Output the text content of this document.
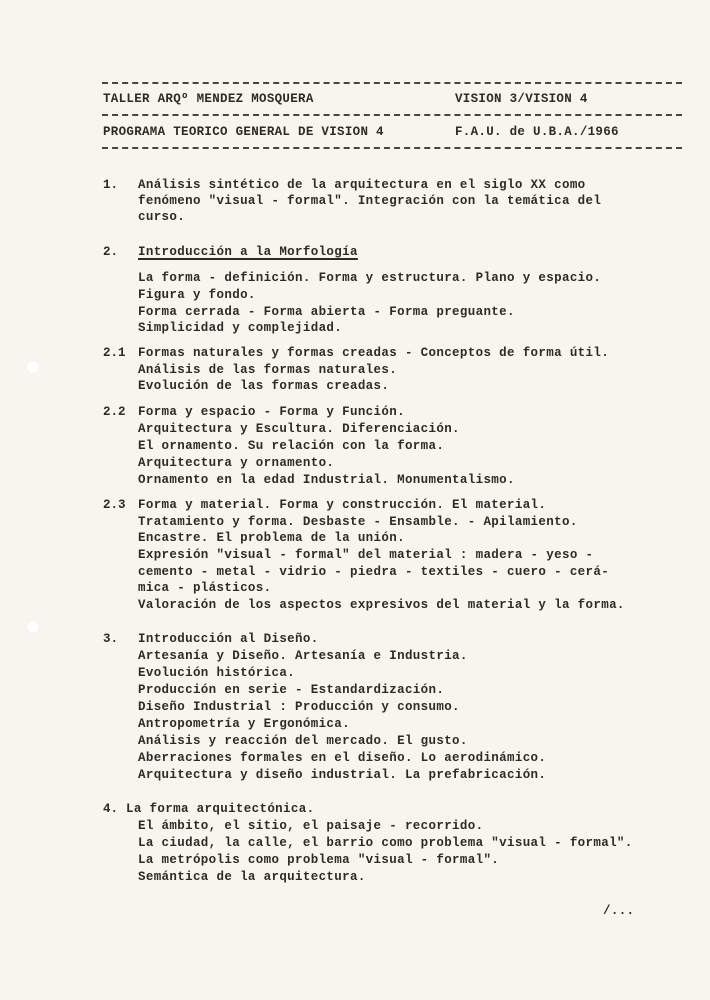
TALLER ARQº MENDEZ MOSQUERA	VISION 3/VISION 4
PROGRAMA TEORICO GENERAL DE VISION 4	F.A.U. de U.B.A./1966
1. Análisis sintético de la arquitectura en el siglo XX como
fenómeno "visual - formal". Integración con la temática del
curso.
2. Introducción a la Morfología
La forma - definición. Forma y estructura. Plano y espacio.
Figura y fondo.
Forma cerrada - Forma abierta - Forma preguante.
Simplicidad y complejidad.
2.1 Formas naturales y formas creadas - Conceptos de forma útil.
Análisis de las formas naturales.
Evolución de las formas creadas.
2.2 Forma y espacio - Forma y Función.
Arquitectura y Escultura. Diferenciación.
El ornamento. Su relación con la forma.
Arquitectura y ornamento.
Ornamento en la edad Industrial. Monumentalismo.
2.3 Forma y material. Forma y construcción. El material.
Tratamiento y forma. Desbaste - Ensamble. - Apilamiento.
Encastre. El problema de la unión.
Expresión "visual - formal" del material : madera - yeso -
cemento - metal - vidrio - piedra - textiles - cuero - cerá-
mica - plásticos.
Valoración de los aspectos expresivos del material y la forma.
3. Introducción al Diseño.
Artesanía y Diseño. Artesanía e Industria.
Evolución histórica.
Producción en serie - Estandardización.
Diseño Industrial : Producción y consumo.
Antropometría y Ergonómica.
Análisis y reacción del mercado. El gusto.
Aberraciones formales en el diseño. Lo aerodinámico.
Arquitectura y diseño industrial. La prefabricación.
4. La forma arquitectónica.
El ámbito, el sitio, el paisaje - recorrido.
La ciudad, la calle, el barrio como problema "visual - formal".
La metrópolis como problema "visual - formal".
Semántica de la arquitectura.
/...
